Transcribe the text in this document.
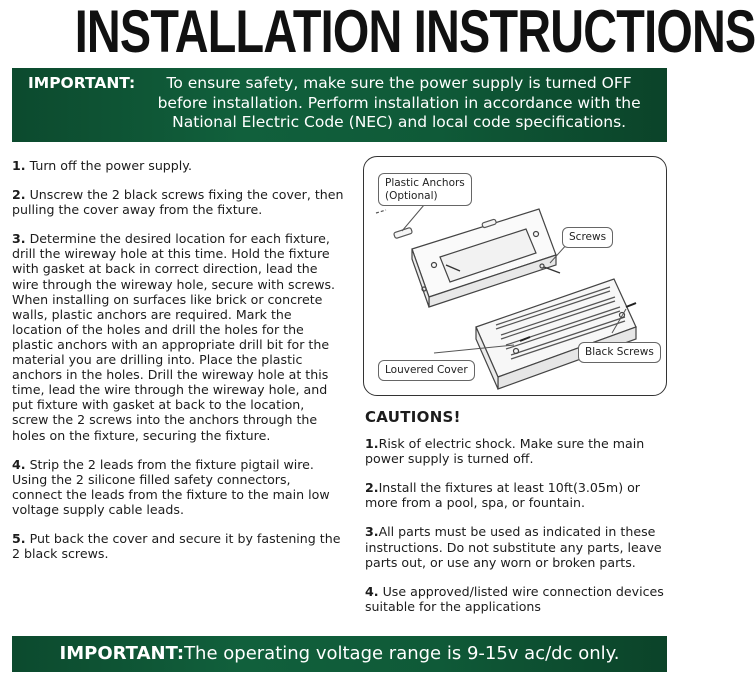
INSTALLATION INSTRUCTIONS
IMPORTANT:	To ensure safety, make sure the power supply is turned OFF before installation. Perform installation in accordance with the National Electric Code (NEC) and local code specifications.
1. Turn off the power supply.
2. Unscrew the 2 black screws fixing the cover, then pulling the cover away from the fixture.
3. Determine the desired location for each fixture, drill the wireway hole at this time. Hold the fixture with gasket at back in correct direction, lead the wire through the wireway hole, secure with screws.
When installing on surfaces like brick or concrete walls, plastic anchors are required. Mark the location of the holes and drill the holes for the plastic anchors with an appropriate drill bit for the material you are drilling into. Place the plastic anchors in the holes. Drill the wireway hole at this time, lead the wire through the wireway hole, and put fixture with gasket at back to the location, screw the 2 screws into the anchors through the holes on the fixture, securing the fixture.
4. Strip the 2 leads from the fixture pigtail wire. Using the 2 silicone filled safety connectors, connect the leads from the fixture to the main low voltage supply cable leads.
5. Put back the cover and secure it by fastening the 2 black screws.
Plastic Anchors
(Optional)
Screws
Black Screws
Louvered Cover
CAUTIONS!
1.Risk of electric shock. Make sure the main power supply is turned off.
2.Install the fixtures at least 10ft(3.05m) or more from a pool, spa, or fountain.
3.All parts must be used as indicated in these instructions. Do not substitute any parts, leave parts out, or use any worn or broken parts.
4. Use approved/listed wire connection devices suitable for the applications
IMPORTANT:The operating voltage range is 9-15v ac/dc only.
